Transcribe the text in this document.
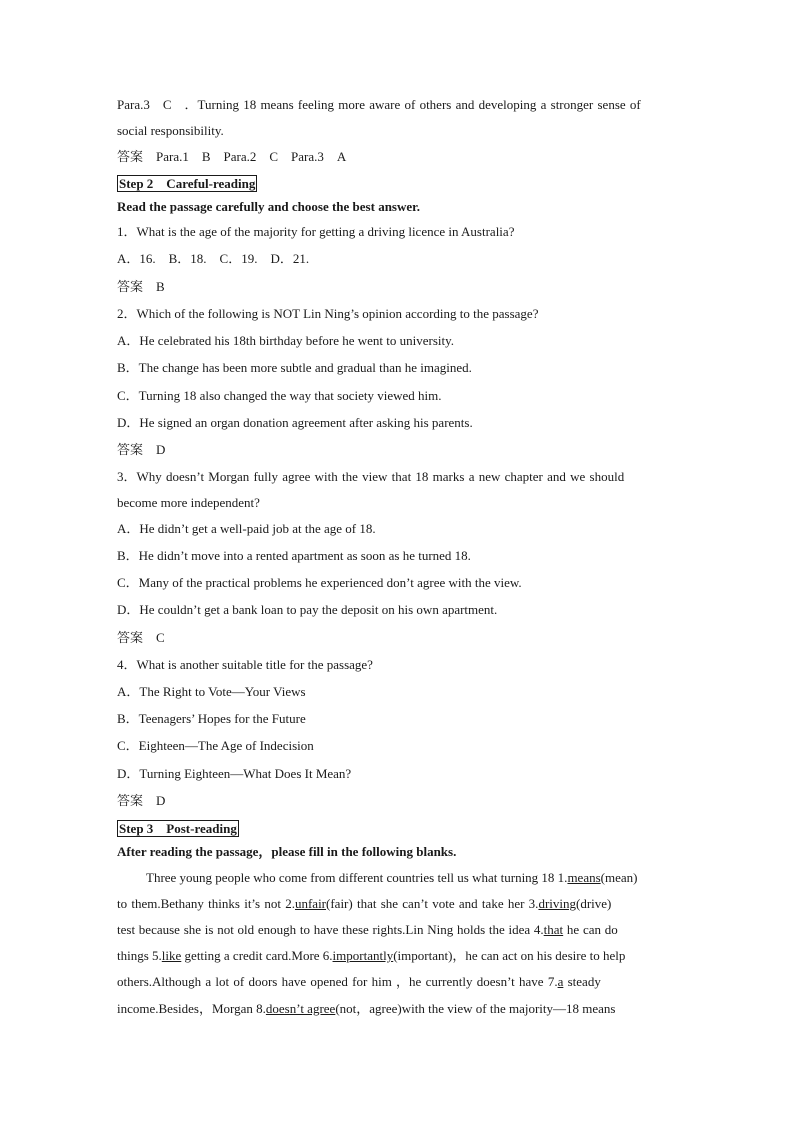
Para.3　C　．Turning 18 means feeling more aware of others and developing a stronger sense of
social responsibility.
答案　Para.1　B　Para.2　C　Para.3　A
Step 2　Careful-reading
Read the passage carefully and choose the best answer.
1．What is the age of the majority for getting a driving licence in Australia?
A．16.　B．18.　C．19.　D．21.
答案　B
2．Which of the following is NOT Lin Ning’s opinion according to the passage?
A．He celebrated his 18th birthday before he went to university.
B．The change has been more subtle and gradual than he imagined.
C．Turning 18 also changed the way that society viewed him.
D．He signed an organ donation agreement after asking his parents.
答案　D
3．Why doesn’t Morgan fully agree with the view that 18 marks a new chapter and we should
become more independent?
A．He didn’t get a well-paid job at the age of 18.
B．He didn’t move into a rented apartment as soon as he turned 18.
C．Many of the practical problems he experienced don’t agree with the view.
D．He couldn’t get a bank loan to pay the deposit on his own apartment.
答案　C
4．What is another suitable title for the passage?
A．The Right to Vote—Your Views
B．Teenagers’ Hopes for the Future
C．Eighteen—The Age of Indecision
D．Turning Eighteen—What Does It Mean?
答案　D
Step 3　Post-reading
After reading the passage，please fill in the following blanks.
Three young people who come from different countries tell us what turning 18 1.means(mean)
to them.Bethany thinks it’s not 2.unfair(fair) that she can’t vote and take her 3.driving(drive)
test because she is not old enough to have these rights.Lin Ning holds the idea 4.that he can do
things 5.like getting a credit card.More 6.importantly(important)，he can act on his desire to help
others.Although a lot of doors have opened for him ，he currently doesn’t have 7.a steady
income.Besides，Morgan 8.doesn’t agree(not，agree)with the view of the majority—18 means
